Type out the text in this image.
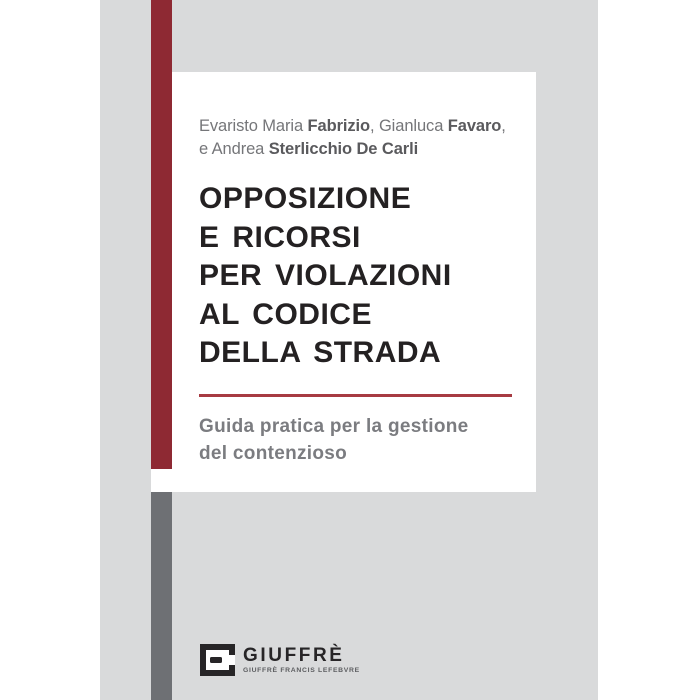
Evaristo Maria Fabrizio, Gianluca Favaro,
e Andrea Sterlicchio De Carli

OPPOSIZIONE
E RICORSI
PER VIOLAZIONI
AL CODICE
DELLA STRADA
Guida pratica per la gestione
del contenzioso
GIUFFRÈ
GIUFFRÈ FRANCIS LEFEBVRE
